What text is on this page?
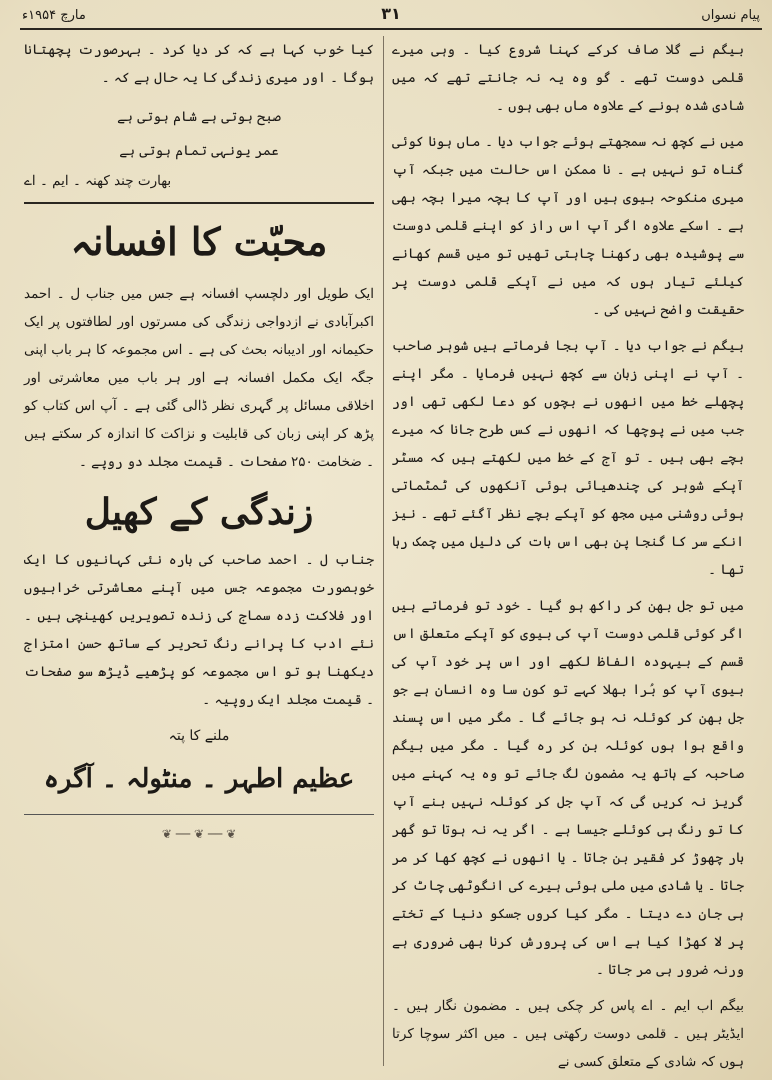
پیام نسواں
۳۱
مارچ ۱۹۵۴ء

بیگم نے گلا صاف کرکے کہنا شروع کیا ۔ وہی میرے قلمی دوست تھے ۔ گو وہ یہ نہ جانتے تھے کہ میں شادی شدہ ہونے کے علاوہ ماں بھی ہوں ۔

میں نے کچھ نہ سمجھتے ہوئے جواب دیا ۔ ماں ہونا کوئی گناہ تو نہیں ہے ۔ نا ممکن اس حالت میں جبکہ آپ میری منکوحہ بیوی ہیں اور آپ کا بچہ میرا بچہ بھی ہے ۔ اسکے علاوہ اگر آپ اس راز کو اپنے قلمی دوست سے پوشیدہ بھی رکھنا چاہتی تھیں تو میں قسم کھانے کیلئے تیار ہوں کہ میں نے آپکے قلمی دوست پر حقیقت واضح نہیں کی ۔

بیگم نے جواب دیا ۔ آپ بجا فرماتے ہیں شوہر صاحب ۔ آپ نے اپنی زبان سے کچھ نہیں فرمایا ۔ مگر اپنے پچھلے خط میں انھوں نے بچوں کو دعا لکھی تھی اور جب میں نے پوچھا کہ انھوں نے کس طرح جانا کہ میرے بچے بھی ہیں ۔ تو آج کے خط میں لکھتے ہیں کہ مسٹر آپکے شوہر کی چندھیائی ہوئی آنکھوں کی ٹمٹماتی ہوئی روشنی میں مجھ کو آپکے بچے نظر آگئے تھے ۔ نیز انکے سر کا گنجا پن بھی اس بات کی دلیل میں چمک رہا تھا ۔

میں تو جل بھن کر راکھ ہو گیا ۔ خود تو فرماتے ہیں اگر کوئی قلمی دوست آپ کی بیوی کو آپکے متعلق اس قسم کے بیہودہ الفاظ لکھے اور اس پر خود آپ کی بیوی آپ کو بُرا بھلا کہے تو کون سا وہ انسان ہے جو جل بھن کر کوئلہ نہ ہو جائے گا ۔ مگر میں اس پسند واقع ہوا ہوں کوئلہ بن کر رہ گیا ۔ مگر میں بیگم صاحبہ کے ہاتھ یہ مضمون لگ جائے تو وہ یہ کہنے میں گریز نہ کریں گی کہ آپ جل کر کوئلہ نہیں بنے آپ کا تو رنگ ہی کوئلے جیسا ہے ۔ اگر یہ نہ ہوتا تو گھر بار چھوڑ کر فقیر بن جاتا ۔ یا انھوں نے کچھ کھا کر مر جاتا ۔ یا شادی میں ملی ہوئی ہیرے کی انگوٹھی چاٹ کر ہی جان دے دیتا ۔ مگر کیا کروں جسکو دنیا کے تختے پر لا کھڑا کیا ہے اس کی پرورش کرنا بھی ضروری ہے ورنہ ضرور ہی مر جاتا ۔

بیگم اب ایم ۔ اے پاس کر چکی ہیں ۔ مضمون نگار ہیں ۔ ایڈیٹر ہیں ۔ قلمی دوست رکھتی ہیں ۔ میں اکثر سوچا کرتا ہوں کہ شادی کے متعلق کسی نے

کیا خوب کہا ہے کہ کر دیا کرد ۔ بہرصورت پچھتانا ہوگا ۔ اور میری زندگی کا یہ حال ہے کہ ۔

صبح ہوتی ہے شام ہوتی ہے
عمر یونہی تمام ہوتی ہے

بھارت چند کھنہ ۔ ایم ۔ اے

محبّت کا افسانہ

ایک طویل اور دلچسپ افسانہ ہے جس میں جناب ل ۔ احمد اکبرآبادی نے ازدواجی زندگی کی مسرتوں اور لطافتوں پر ایک حکیمانہ اور ادیبانہ بحث کی ہے ۔ اس مجموعہ کا ہر باب اپنی جگہ ایک مکمل افسانہ ہے اور ہر باب میں معاشرتی اور اخلاقی مسائل پر گہری نظر ڈالی گئی ہے ۔ آپ اس کتاب کو پڑھ کر اپنی زبان کی قابلیت و نزاکت کا اندازہ کر سکتے ہیں ۔ ضخامت ۲۵۰ صفحات ۔ قیمت مجلد دو روپے ۔

زندگی کے کھیل

جناب ل ۔ احمد صاحب کی بارہ نئی کہانیوں کا ایک خوبصورت مجموعہ جس میں آپنے معاشرتی خرابیوں اور فلاکت زدہ سماج کی زندہ تصویریں کھینچی ہیں ۔ نئے ادب کا پرانے رنگ تحریر کے ساتھ حسن امتزاج دیکھنا ہو تو اس مجموعہ کو پڑھیے ڈیڑھ سو صفحات ۔ قیمت مجلد ایک روپیہ ۔

ملنے کا پتہ
عظیم اطہر ۔ منٹولہ ۔ آگرہ
❦ ── ❦ ── ❦
